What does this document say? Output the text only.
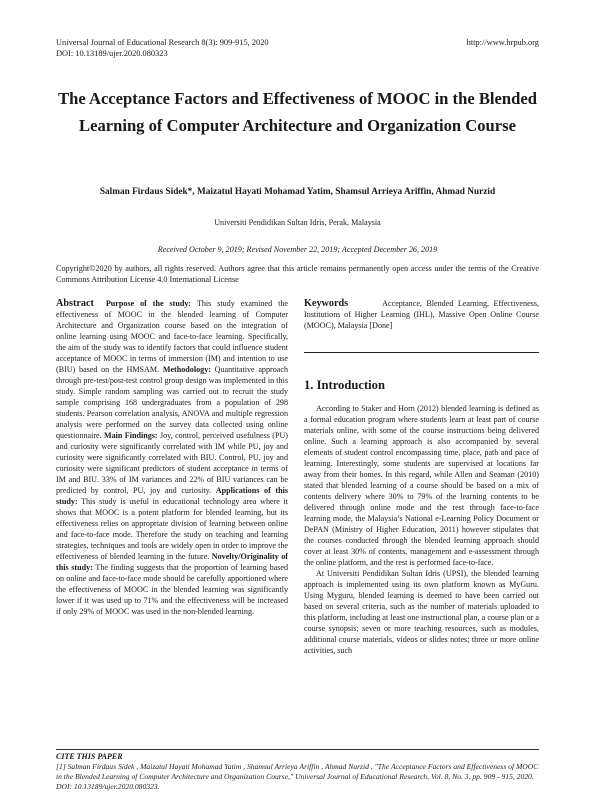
Universal Journal of Educational Research 8(3): 909-915, 2020
DOI: 10.13189/ujer.2020.080323
http://www.hrpub.org
The Acceptance Factors and Effectiveness of MOOC in the Blended Learning of Computer Architecture and Organization Course
Salman Firdaus Sidek*, Maizatul Hayati Mohamad Yatim, Shamsul Arrieya Ariffin, Ahmad Nurzid
Universiti Pendidikan Sultan Idris, Perak, Malaysia
Received October 9, 2019; Revised November 22, 2019; Accepted December 26, 2019
Copyright©2020 by authors, all rights reserved. Authors agree that this article remains permanently open access under the terms of the Creative Commons Attribution License 4.0 International License

Abstract Purpose of the study: This study examined the effectiveness of MOOC in the blended learning of Computer Architecture and Organization course based on the integration of online learning using MOOC and face-to-face learning. Specifically, the aim of the study was to identify factors that could influence student acceptance of MOOC in terms of immersion (IM) and intention to use (BIU) based on the HMSAM. Methodology: Quantitative approach through pre-test/post-test control group design was implemented in this study. Simple random sampling was carried out to recruit the study sample comprising 168 undergraduates from a population of 298 students. Pearson correlation analysis, ANOVA and multiple regression analysis were performed on the survey data collected using online questionnaire. Main Findings: Joy, control, perceived usefulness (PU) and curiosity were significantly correlated with IM while PU, joy and curiosity were significantly correlated with BIU. Control, PU, joy and curiosity were significant predictors of student acceptance in terms of IM and BIU. 33% of IM variances and 22% of BIU variances can be predicted by control, PU, joy and curiosity. Applications of this study: This study is useful in educational technology area where it shows that MOOC is a potent platform for blended learning, but its effectiveness relies on appropriate division of learning between online and face-to-face mode. Therefore the study on teaching and learning strategies, techniques and tools are widely open in order to improve the effectiveness of blended learning in the future. Novelty/Originality of this study: The finding suggests that the proportion of learning based on online and face-to-face mode should be carefully apportioned where the effectiveness of MOOC in the blended learning was significantly lower if it was used up to 71% and the effectiveness will be increased if only 29% of MOOC was used in the non-blended learning.

Keywords	Acceptance, Blended Learning, Effectiveness, Institutions of Higher Learning (IHL), Massive Open Online Course (MOOC), Malaysia [Done]

1. Introduction

According to Staker and Horn (2012) blended learning is defined as a formal education program where students learn at least part of course materials online, with some of the course instructions being delivered online. Such a learning approach is also accompanied by several elements of student control encompassing time, place, path and pace of learning. Interestingly, some students are supervised at locations far away from their homes. In this regard, while Allen and Seaman (2010) stated that blended learning of a course should be based on a mix of contents delivery where 30% to 79% of the learning contents to be delivered through online mode and the rest through face-to-face learning mode, the Malaysia’s National e-Learning Policy Document or DePAN (Ministry of Higher Education, 2011) however stipulates that the courses conducted through the blended learning approach should cover at least 30% of contents, management and e-assessment through the online platform, and the rest is performed face-to-face.

At Universiti Pendidikan Sultan Idris (UPSI), the blended learning approach is implemented using its own platform known as MyGuru. Using Myguru, blended learning is deemed to have been carried out based on several criteria, such as the number of materials uploaded to this platform, including at least one instructional plan, a course plan or a course synopsis; seven or more teaching resources, such as modules, additional course materials, videos or slides notes; three or more online activities, such

CITE THIS PAPER
[1] Salman Firdaus Sidek , Maizatul Hayati Mohamad Yatim , Shamsul Arrieya Ariffin , Ahmad Nurzid , "The Acceptance Factors and Effectiveness of MOOC in the Blended Learning of Computer Architecture and Organization Course," Universal Journal of Educational Research, Vol. 8, No. 3, pp. 909 - 915, 2020. DOI: 10.13189/ujer.2020.080323.
